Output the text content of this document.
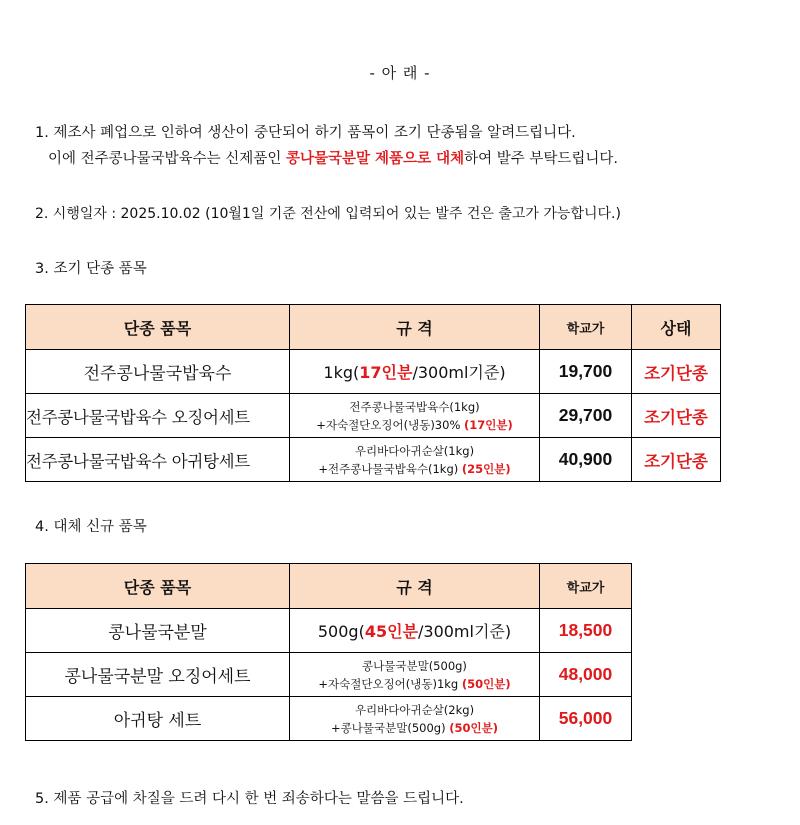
- 아 래 -
1. 제조사 폐업으로 인하여 생산이 중단되어 하기 품목이 조기 단종됨을 알려드립니다.
이에 전주콩나물국밥육수는 신제품인 콩나물국분말 제품으로 대체하여 발주 부탁드립니다.
2. 시행일자 : 2025.10.02 (10월1일 기준 전산에 입력되어 있는 발주 건은 출고가 가능합니다.)
3. 조기 단종 품목
단종 품목	규 격	학교가	상태
전주콩나물국밥육수	1kg(17인분/300ml기준)	19,700	조기단종
전주콩나물국밥육수 오징어세트	전주콩나물국밥육수(1kg)
+자숙절단오징어(냉동)30% (17인분)	29,700	조기단종
전주콩나물국밥육수 아귀탕세트	우리바다아귀순살(1kg)
+전주콩나물국밥육수(1kg) (25인분)	40,900	조기단종
4. 대체 신규 품목
단종 품목	규 격	학교가
콩나물국분말	500g(45인분/300ml기준)	18,500
콩나물국분말 오징어세트	콩나물국분말(500g)
+자숙절단오징어(냉동)1kg (50인분)	48,000
아귀탕 세트	우리바다아귀순살(2kg)
+콩나물국분말(500g) (50인분)	56,000
5. 제품 공급에 차질을 드려 다시 한 번 죄송하다는 말씀을 드립니다.
